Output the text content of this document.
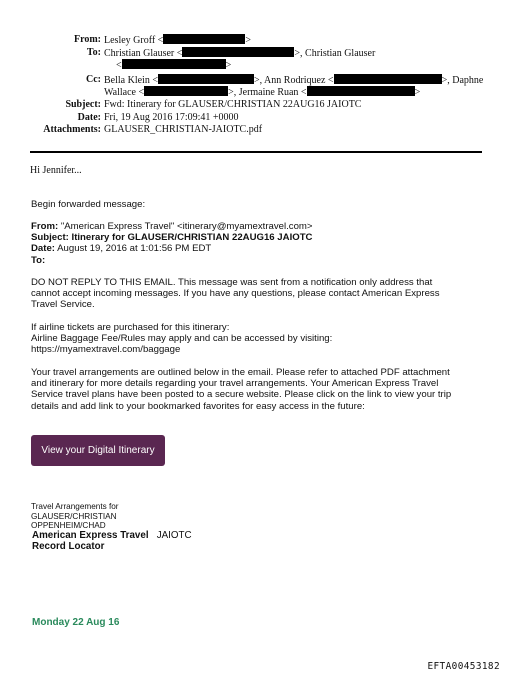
From: Lesley Groff <	>
To: Christian Glauser <	>, Christian Glauser
<	>
Cc: Bella Klein <	>, Ann Rodriquez <	>, Daphne
Wallace <	>, Jermaine Ruan <	>
Subject: Fwd: Itinerary for GLAUSER/CHRISTIAN 22AUG16 JAIOTC
Date: Fri, 19 Aug 2016 17:09:41 +0000
Attachments: GLAUSER_CHRISTIAN-JAIOTC.pdf
Hi Jennifer...
Begin forwarded message:
From: "American Express Travel" <itinerary@myamextravel.com>
Subject: Itinerary for GLAUSER/CHRISTIAN 22AUG16 JAIOTC
Date: August 19, 2016 at 1:01:56 PM EDT
To:
DO NOT REPLY TO THIS EMAIL. This message was sent from a notification only address that
cannot accept incoming messages. If you have any questions, please contact American Express
Travel Service.
If airline tickets are purchased for this itinerary:
Airline Baggage Fee/Rules may apply and can be accessed by visiting:
https://myamextravel.com/baggage
Your travel arrangements are outlined below in the email. Please refer to attached PDF attachment
and itinerary for more details regarding your travel arrangements. Your American Express Travel
Service travel plans have been posted to a secure website. Please click on the link to view your trip
details and add link to your bookmarked favorites for easy access in the future:
View your Digital Itinerary
Travel Arrangements for
GLAUSER/CHRISTIAN
OPPENHEIM/CHAD
American Express Travel JAIOTC
Record Locator
Monday 22 Aug 16
EFTA00453182
